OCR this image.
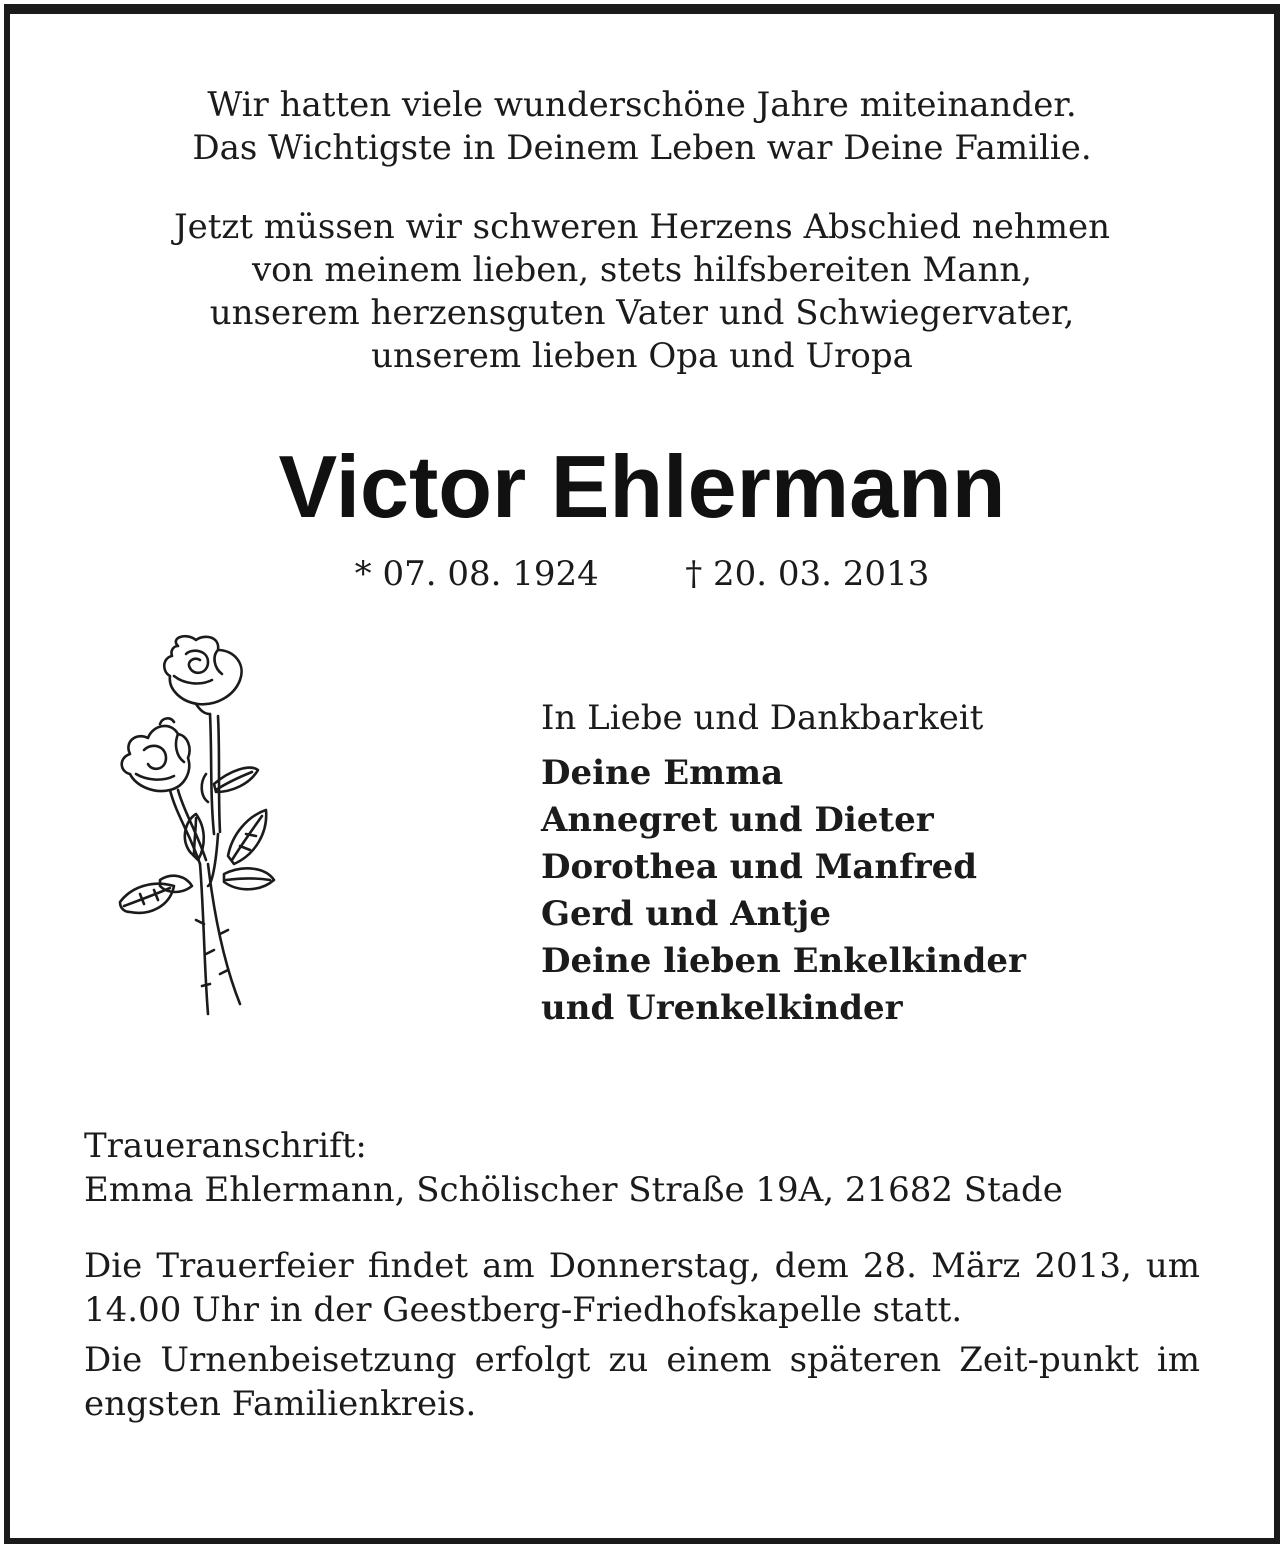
Wir hatten viele wunderschöne Jahre miteinander.
Das Wichtigste in Deinem Leben war Deine Familie.
Jetzt müssen wir schweren Herzens Abschied nehmen
von meinem lieben, stets hilfsbereiten Mann,
unserem herzensguten Vater und Schwiegervater,
unserem lieben Opa und Uropa
Victor Ehlermann
* 07. 08. 1924	† 20. 03. 2013
In Liebe und Dankbarkeit
Deine Emma
Annegret und Dieter
Dorothea und Manfred
Gerd und Antje
Deine lieben Enkelkinder
und Urenkelkinder
Traueranschrift:
Emma Ehlermann, Schölischer Straße 19A, 21682 Stade

Die Trauerfeier findet am Donnerstag, dem 28. März 2013, um 14.00 Uhr in der Geestberg-Friedhofskapelle statt.

Die Urnenbeisetzung erfolgt zu einem späteren Zeit-punkt im engsten Familienkreis.
